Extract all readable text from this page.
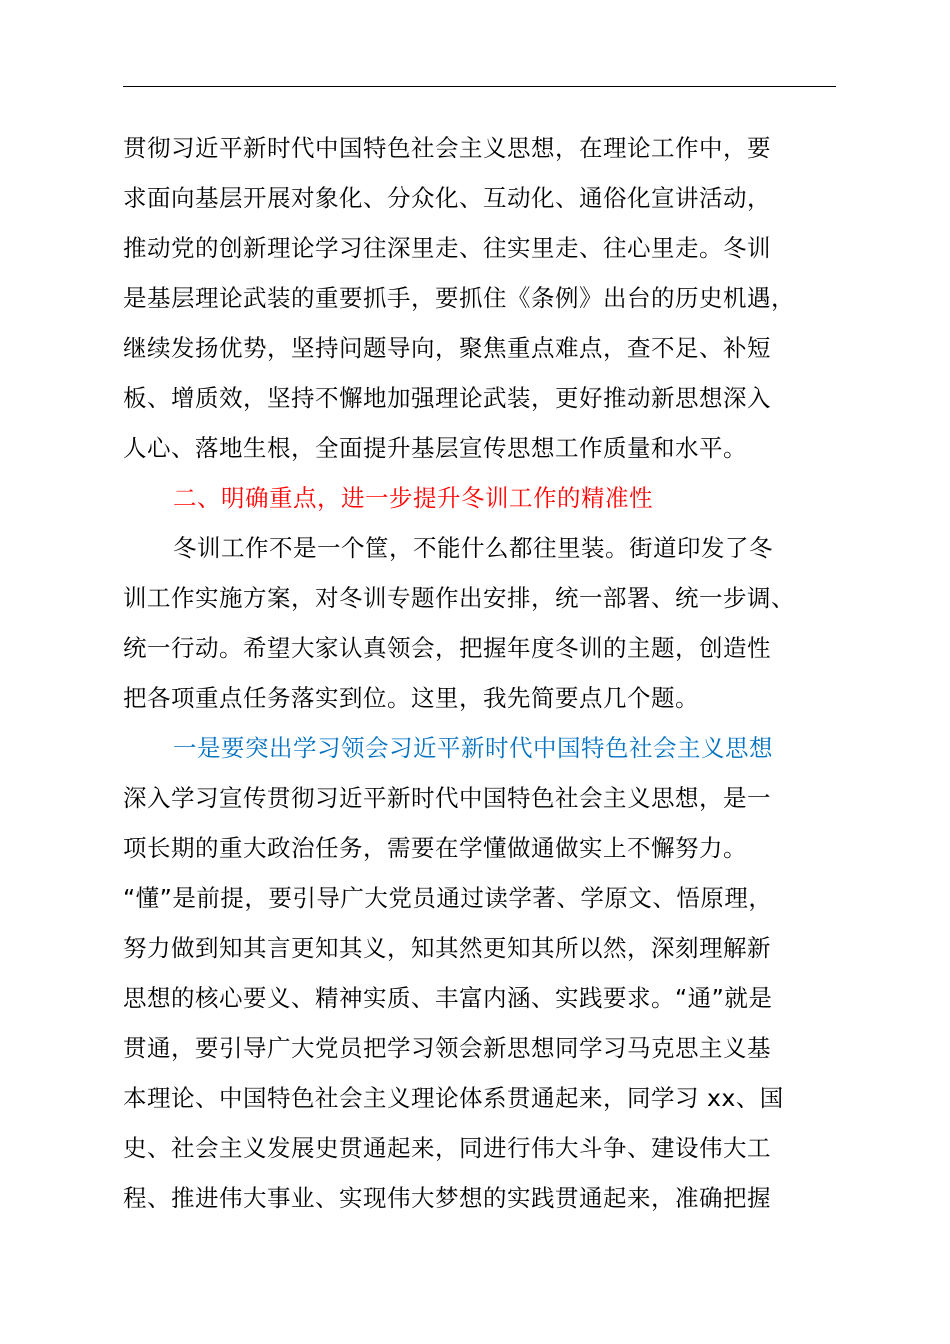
贯彻习近平新时代中国特色社会主义思想，在理论工作中，要
求面向基层开展对象化、分众化、互动化、通俗化宣讲活动，
推动党的创新理论学习往深里走、往实里走、往心里走。冬训
是基层理论武装的重要抓手，要抓住《条例》出台的历史机遇，
继续发扬优势，坚持问题导向，聚焦重点难点，查不足、补短
板、增质效，坚持不懈地加强理论武装，更好推动新思想深入
人心、落地生根，全面提升基层宣传思想工作质量和水平。
二、明确重点，进一步提升冬训工作的精准性
冬训工作不是一个筐，不能什么都往里装。街道印发了冬
训工作实施方案，对冬训专题作出安排，统一部署、统一步调、
统一行动。希望大家认真领会，把握年度冬训的主题，创造性
把各项重点任务落实到位。这里，我先简要点几个题。
一是要突出学习领会习近平新时代中国特色社会主义思想
深入学习宣传贯彻习近平新时代中国特色社会主义思想，是一
项长期的重大政治任务，需要在学懂做通做实上不懈努力。
“懂”是前提，要引导广大党员通过读学著、学原文、悟原理，
努力做到知其言更知其义，知其然更知其所以然，深刻理解新
思想的核心要义、精神实质、丰富内涵、实践要求。“通”就是
贯通，要引导广大党员把学习领会新思想同学习马克思主义基
本理论、中国特色社会主义理论体系贯通起来，同学习 xx、国
史、社会主义发展史贯通起来，同进行伟大斗争、建设伟大工
程、推进伟大事业、实现伟大梦想的实践贯通起来，准确把握
